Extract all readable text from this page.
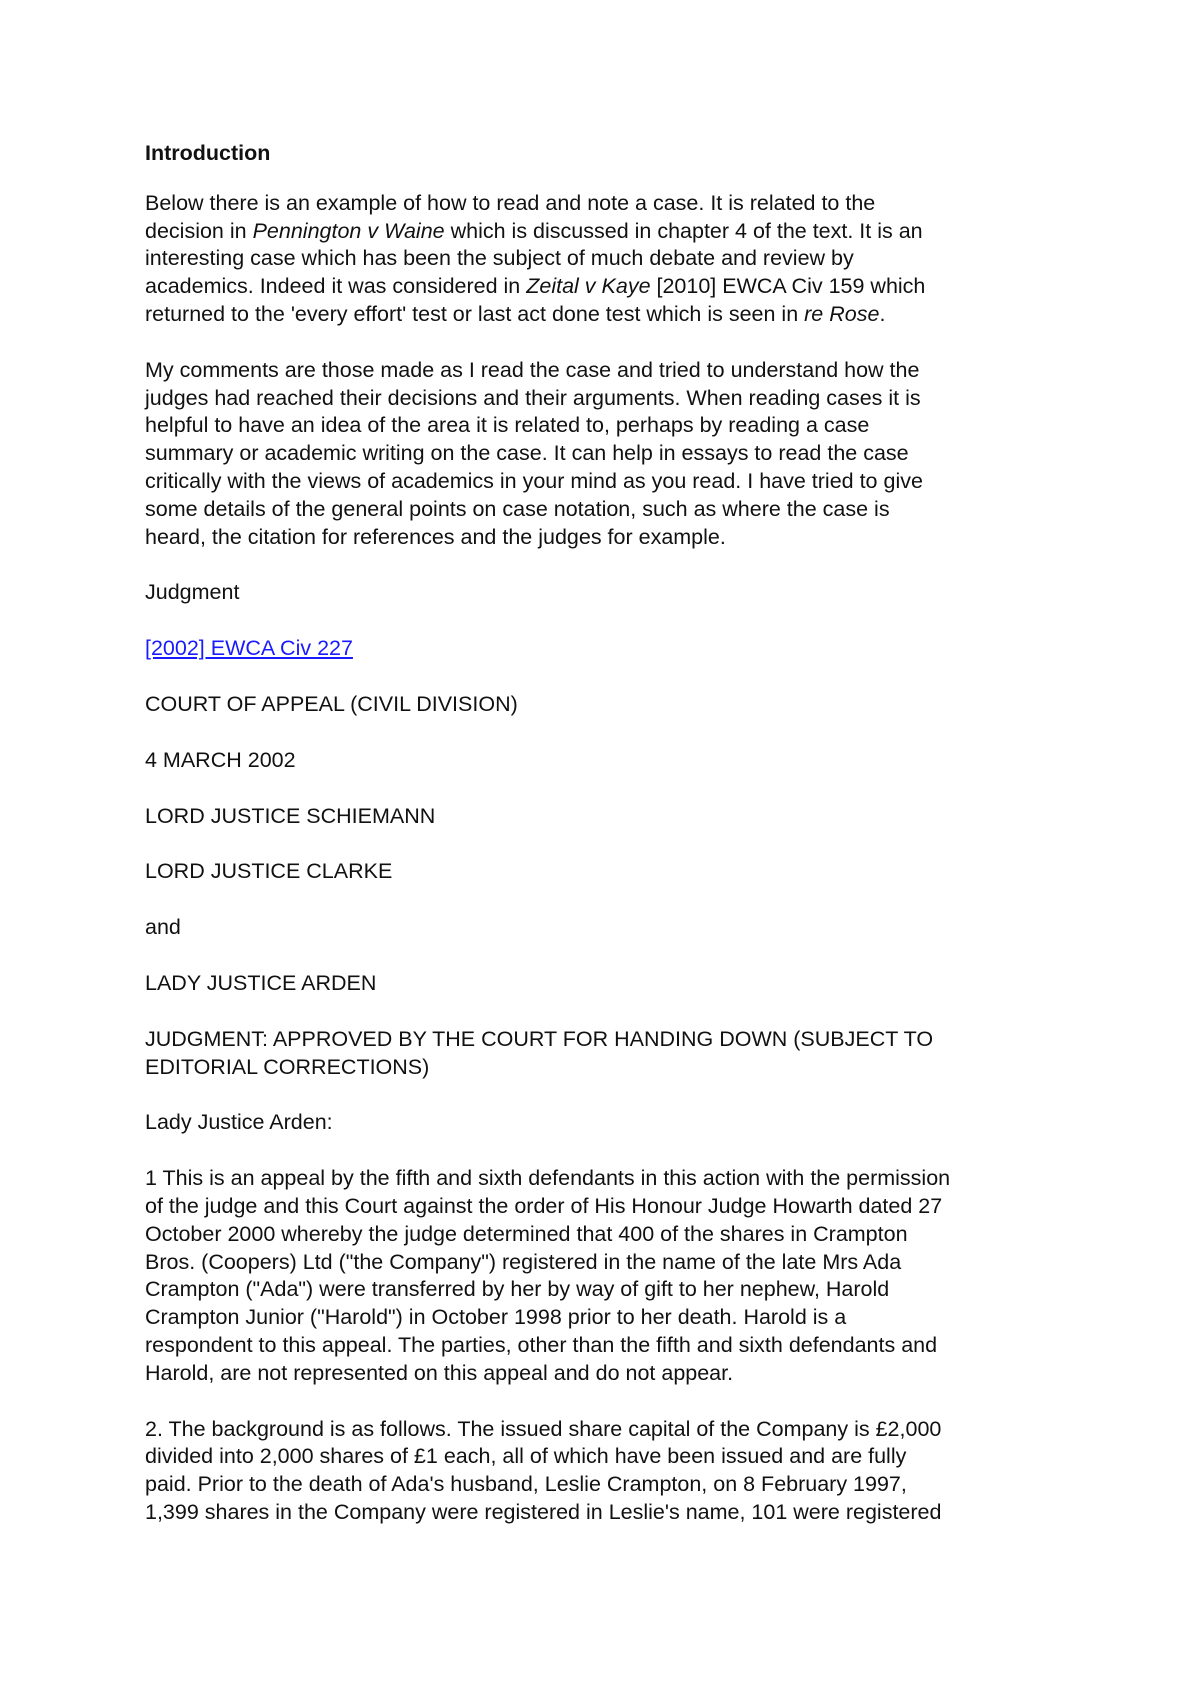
Introduction
Below there is an example of how to read and note a case. It is related to the
decision in Pennington v Waine which is discussed in chapter 4 of the text. It is an
interesting case which has been the subject of much debate and review by
academics. Indeed it was considered in Zeital v Kaye [2010] EWCA Civ 159 which
returned to the 'every effort' test or last act done test which is seen in re Rose.
My comments are those made as I read the case and tried to understand how the
judges had reached their decisions and their arguments. When reading cases it is
helpful to have an idea of the area it is related to, perhaps by reading a case
summary or academic writing on the case. It can help in essays to read the case
critically with the views of academics in your mind as you read. I have tried to give
some details of the general points on case notation, such as where the case is
heard, the citation for references and the judges for example.
Judgment
[2002] EWCA Civ 227
COURT OF APPEAL (CIVIL DIVISION)
4 MARCH 2002
LORD JUSTICE SCHIEMANN
LORD JUSTICE CLARKE
and
LADY JUSTICE ARDEN
JUDGMENT: APPROVED BY THE COURT FOR HANDING DOWN (SUBJECT TO
EDITORIAL CORRECTIONS)
Lady Justice Arden:
1 This is an appeal by the fifth and sixth defendants in this action with the permission
of the judge and this Court against the order of His Honour Judge Howarth dated 27
October 2000 whereby the judge determined that 400 of the shares in Crampton
Bros. (Coopers) Ltd ("the Company") registered in the name of the late Mrs Ada
Crampton ("Ada") were transferred by her by way of gift to her nephew, Harold
Crampton Junior ("Harold") in October 1998 prior to her death. Harold is a
respondent to this appeal. The parties, other than the fifth and sixth defendants and
Harold, are not represented on this appeal and do not appear.
2. The background is as follows. The issued share capital of the Company is £2,000
divided into 2,000 shares of £1 each, all of which have been issued and are fully
paid. Prior to the death of Ada's husband, Leslie Crampton, on 8 February 1997,
1,399 shares in the Company were registered in Leslie's name, 101 were registered
